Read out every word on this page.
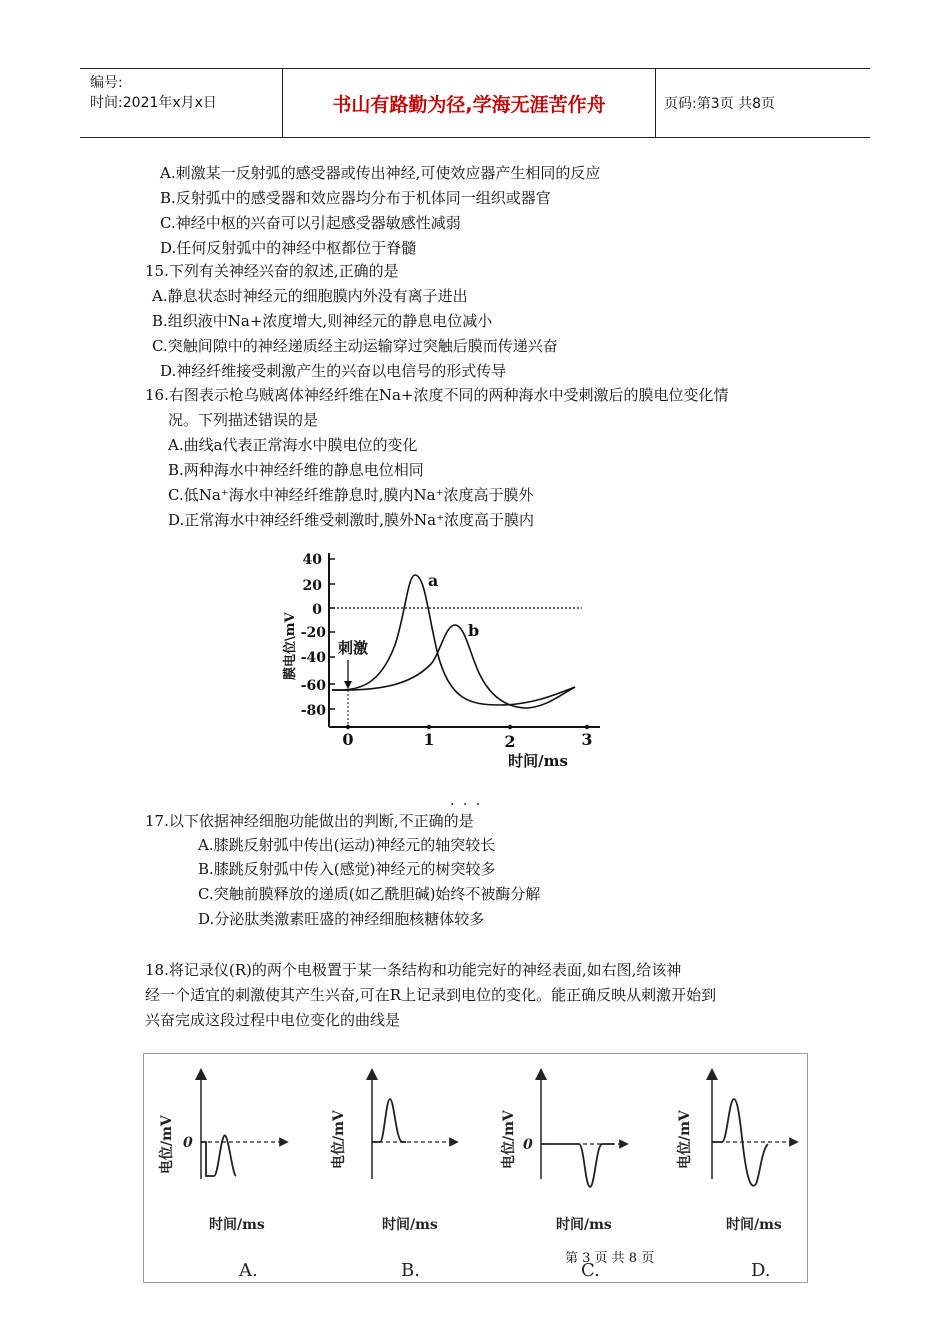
编号:
时间:2021年x月x日	书山有路勤为径,学海无涯苦作舟	页码:第3页 共8页
A.刺激某一反射弧的感受器或传出神经,可使效应器产生相同的反应
B.反射弧中的感受器和效应器均分布于机体同一组织或器官
C.神经中枢的兴奋可以引起感受器敏感性减弱
D.任何反射弧中的神经中枢都位于脊髓
15.下列有关神经兴奋的叙述,正确的是
A.静息状态时神经元的细胞膜内外没有离子进出
B.组织液中Na+浓度增大,则神经元的静息电位减小
C.突触间隙中的神经递质经主动运输穿过突触后膜而传递兴奋
D.神经纤维接受刺激产生的兴奋以电信号的形式传导
16.右图表示枪乌贼离体神经纤维在Na+浓度不同的两种海水中受刺激后的膜电位变化情
况。下列描述错误的是
A.曲线a代表正常海水中膜电位的变化
B.两种海水中神经纤维的静息电位相同
C.低Na⁺海水中神经纤维静息时,膜内Na⁺浓度高于膜外
D.正常海水中神经纤维受刺激时,膜外Na⁺浓度高于膜内
40
20
0
-20
-40
-60
-80
0	1	2	3
时间/ms
刺激
a
b
膜电位\mV
· · ·
17.以下依据神经细胞功能做出的判断,不正确的是
A.膝跳反射弧中传出(运动)神经元的轴突较长
B.膝跳反射弧中传入(感觉)神经元的树突较多
C.突触前膜释放的递质(如乙酰胆碱)始终不被酶分解
D.分泌肽类激素旺盛的神经细胞核糖体较多
18.将记录仪(R)的两个电极置于某一条结构和功能完好的神经表面,如右图,给该神
经一个适宜的刺激使其产生兴奋,可在R上记录到电位的变化。能正确反映从刺激开始到
兴奋完成这段过程中电位变化的曲线是
0
电位/mV
时间/ms
A.
电位/mV
时间/ms
B.
0
电位/mV
时间/ms
C.
电位/mV
时间/ms
D.
第 3 页 共 8 页
